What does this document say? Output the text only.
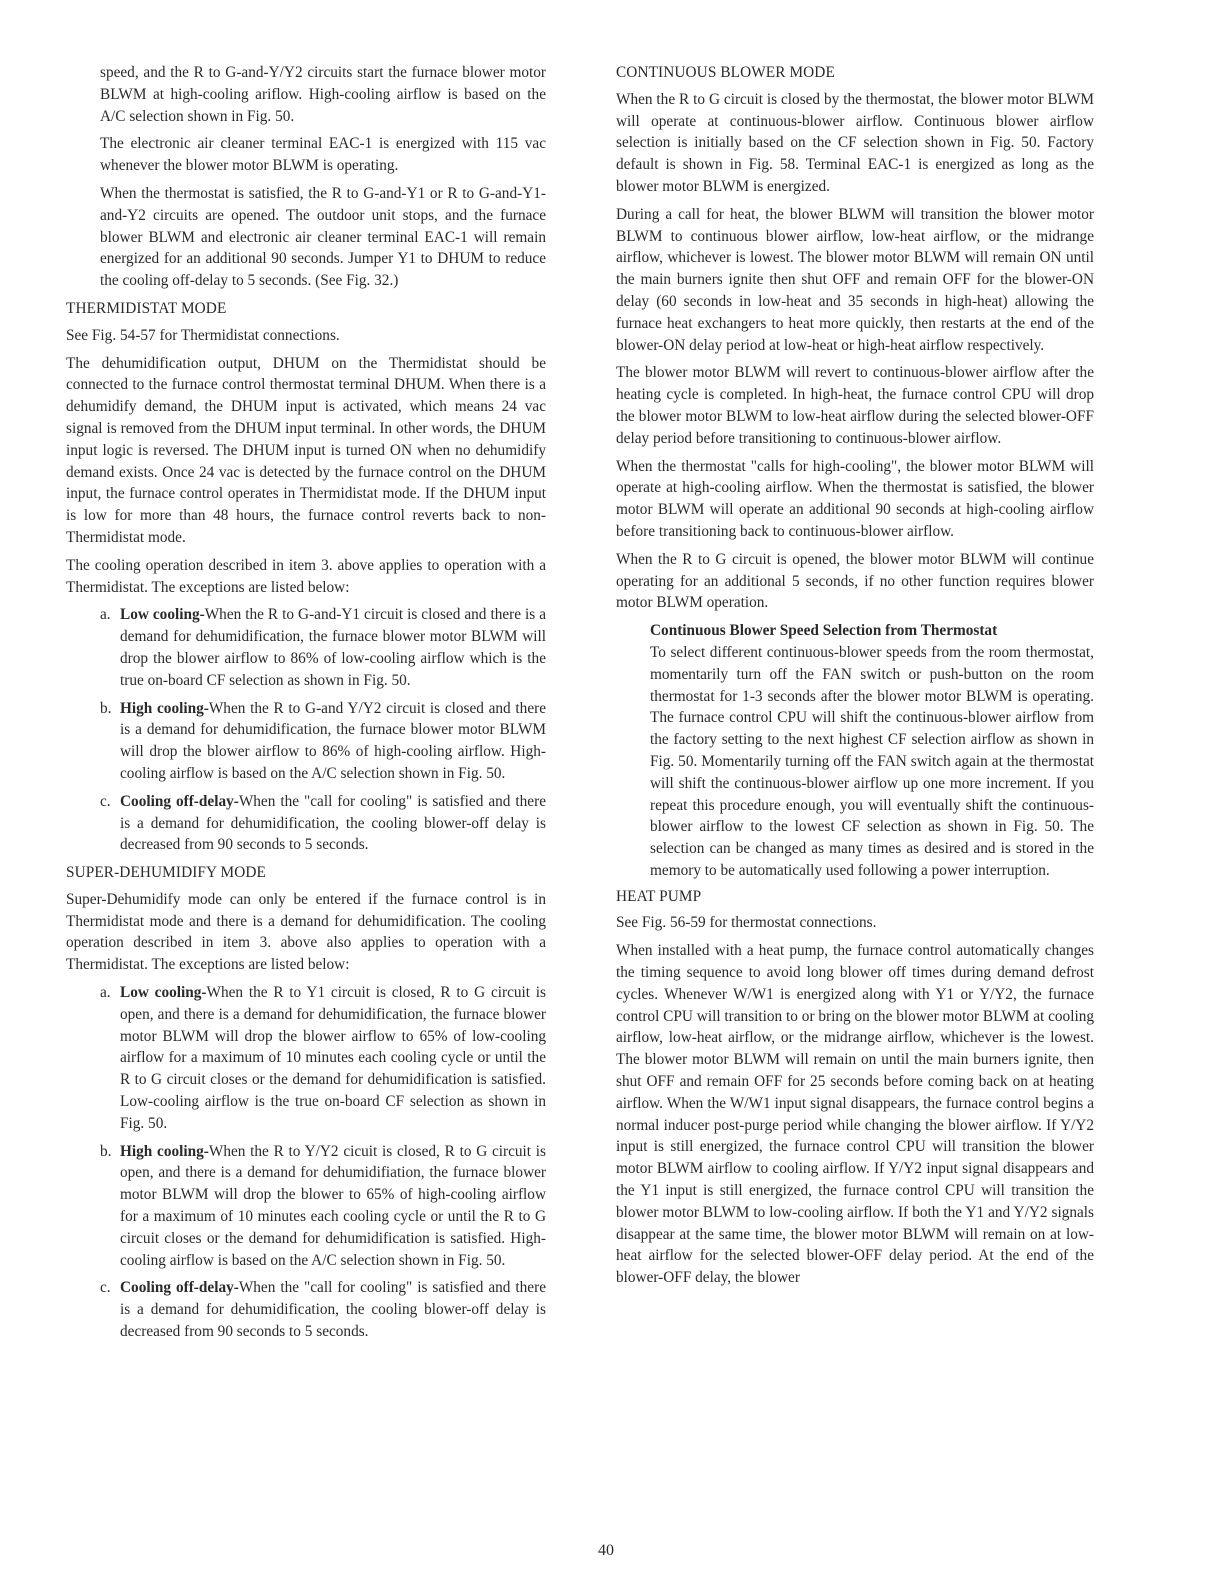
speed, and the R to G-and-Y/Y2 circuits start the furnace blower motor BLWM at high-cooling ariflow. High-cooling airflow is based on the A/C selection shown in Fig. 50.

The electronic air cleaner terminal EAC-1 is energized with 115 vac whenever the blower motor BLWM is operating.

When the thermostat is satisfied, the R to G-and-Y1 or R to G-and-Y1-and-Y2 circuits are opened. The outdoor unit stops, and the furnace blower BLWM and electronic air cleaner terminal EAC-1 will remain energized for an additional 90 seconds. Jumper Y1 to DHUM to reduce the cooling off-delay to 5 seconds. (See Fig. 32.)

THERMIDISTAT MODE

See Fig. 54-57 for Thermidistat connections.

The dehumidification output, DHUM on the Thermidistat should be connected to the furnace control thermostat terminal DHUM. When there is a dehumidify demand, the DHUM input is activated, which means 24 vac signal is removed from the DHUM input terminal. In other words, the DHUM input logic is reversed. The DHUM input is turned ON when no dehumidify demand exists. Once 24 vac is detected by the furnace control on the DHUM input, the furnace control operates in Thermidistat mode. If the DHUM input is low for more than 48 hours, the furnace control reverts back to non-Thermidistat mode.

The cooling operation described in item 3. above applies to operation with a Thermidistat. The exceptions are listed below:

a. Low cooling-When the R to G-and-Y1 circuit is closed and there is a demand for dehumidification, the furnace blower motor BLWM will drop the blower airflow to 86% of low-cooling airflow which is the true on-board CF selection as shown in Fig. 50.
b. High cooling-When the R to G-and Y/Y2 circuit is closed and there is a demand for dehumidification, the furnace blower motor BLWM will drop the blower airflow to 86% of high-cooling airflow. High-cooling airflow is based on the A/C selection shown in Fig. 50.
c. Cooling off-delay-When the "call for cooling" is satisfied and there is a demand for dehumidification, the cooling blower-off delay is decreased from 90 seconds to 5 seconds.
SUPER-DEHUMIDIFY MODE

Super-Dehumidify mode can only be entered if the furnace control is in Thermidistat mode and there is a demand for dehumidification. The cooling operation described in item 3. above also applies to operation with a Thermidistat. The exceptions are listed below:

a. Low cooling-When the R to Y1 circuit is closed, R to G circuit is open, and there is a demand for dehumidification, the furnace blower motor BLWM will drop the blower airflow to 65% of low-cooling airflow for a maximum of 10 minutes each cooling cycle or until the R to G circuit closes or the demand for dehumidification is satisfied. Low-cooling airflow is the true on-board CF selection as shown in Fig. 50.
b. High cooling-When the R to Y/Y2 cicuit is closed, R to G circuit is open, and there is a demand for dehumidifiation, the furnace blower motor BLWM will drop the blower to 65% of high-cooling airflow for a maximum of 10 minutes each cooling cycle or until the R to G circuit closes or the demand for dehumidification is satisfied. High-cooling airflow is based on the A/C selection shown in Fig. 50.
c. Cooling off-delay-When the "call for cooling" is satisfied and there is a demand for dehumidification, the cooling blower-off delay is decreased from 90 seconds to 5 seconds.
CONTINUOUS BLOWER MODE

When the R to G circuit is closed by the thermostat, the blower motor BLWM will operate at continuous-blower airflow. Continuous blower airflow selection is initially based on the CF selection shown in Fig. 50. Factory default is shown in Fig. 58. Terminal EAC-1 is energized as long as the blower motor BLWM is energized.

During a call for heat, the blower BLWM will transition the blower motor BLWM to continuous blower airflow, low-heat airflow, or the midrange airflow, whichever is lowest. The blower motor BLWM will remain ON until the main burners ignite then shut OFF and remain OFF for the blower-ON delay (60 seconds in low-heat and 35 seconds in high-heat) allowing the furnace heat exchangers to heat more quickly, then restarts at the end of the blower-ON delay period at low-heat or high-heat airflow respectively.

The blower motor BLWM will revert to continuous-blower airflow after the heating cycle is completed. In high-heat, the furnace control CPU will drop the blower motor BLWM to low-heat airflow during the selected blower-OFF delay period before transitioning to continuous-blower airflow.

When the thermostat "calls for high-cooling", the blower motor BLWM will operate at high-cooling airflow. When the thermostat is satisfied, the blower motor BLWM will operate an additional 90 seconds at high-cooling airflow before transitioning back to continuous-blower airflow.

When the R to G circuit is opened, the blower motor BLWM will continue operating for an additional 5 seconds, if no other function requires blower motor BLWM operation.

Continuous Blower Speed Selection from Thermostat
To select different continuous-blower speeds from the room thermostat, momentarily turn off the FAN switch or push-button on the room thermostat for 1-3 seconds after the blower motor BLWM is operating. The furnace control CPU will shift the continuous-blower airflow from the factory setting to the next highest CF selection airflow as shown in Fig. 50. Momentarily turning off the FAN switch again at the thermostat will shift the continuous-blower airflow up one more increment. If you repeat this procedure enough, you will eventually shift the continuous-blower airflow to the lowest CF selection as shown in Fig. 50. The selection can be changed as many times as desired and is stored in the memory to be automatically used following a power interruption.
HEAT PUMP

See Fig. 56-59 for thermostat connections.

When installed with a heat pump, the furnace control automatically changes the timing sequence to avoid long blower off times during demand defrost cycles. Whenever W/W1 is energized along with Y1 or Y/Y2, the furnace control CPU will transition to or bring on the blower motor BLWM at cooling airflow, low-heat airflow, or the midrange airflow, whichever is the lowest. The blower motor BLWM will remain on until the main burners ignite, then shut OFF and remain OFF for 25 seconds before coming back on at heating airflow. When the W/W1 input signal disappears, the furnace control begins a normal inducer post-purge period while changing the blower airflow. If Y/Y2 input is still energized, the furnace control CPU will transition the blower motor BLWM airflow to cooling airflow. If Y/Y2 input signal disappears and the Y1 input is still energized, the furnace control CPU will transition the blower motor BLWM to low-cooling airflow. If both the Y1 and Y/Y2 signals disappear at the same time, the blower motor BLWM will remain on at low-heat airflow for the selected blower-OFF delay period. At the end of the blower-OFF delay, the blower

40
